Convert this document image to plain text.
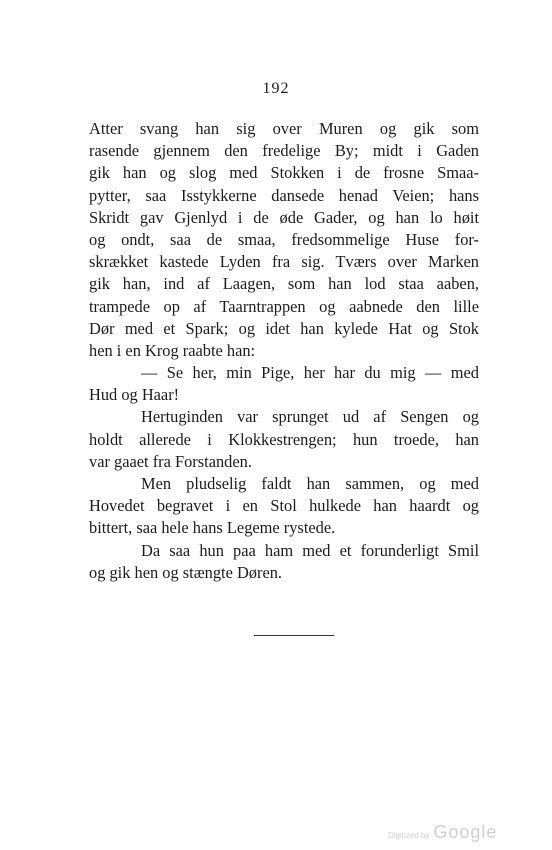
192
Atter svang han sig over Muren og gik som
rasende gjennem den fredelige By; midt i Gaden
gik han og slog med Stokken i de frosne Smaa-
pytter, saa Isstykkerne dansede henad Veien; hans
Skridt gav Gjenlyd i de øde Gader, og han lo høit
og ondt, saa de smaa, fredsommelige Huse for-
skrækket kastede Lyden fra sig. Tværs over Marken
gik han, ind af Laagen, som han lod staa aaben,
trampede op af Taarntrappen og aabnede den lille
Dør med et Spark; og idet han kylede Hat og Stok
hen i en Krog raabte han:
— Se her, min Pige, her har du mig — med
Hud og Haar!
Hertuginden var sprunget ud af Sengen og
holdt allerede i Klokkestrengen; hun troede, han
var gaaet fra Forstanden.
Men pludselig faldt han sammen, og med
Hovedet begravet i en Stol hulkede han haardt og
bittert, saa hele hans Legeme rystede.
Da saa hun paa ham med et forunderligt Smil
og gik hen og stængte Døren.
Digitized by Google
